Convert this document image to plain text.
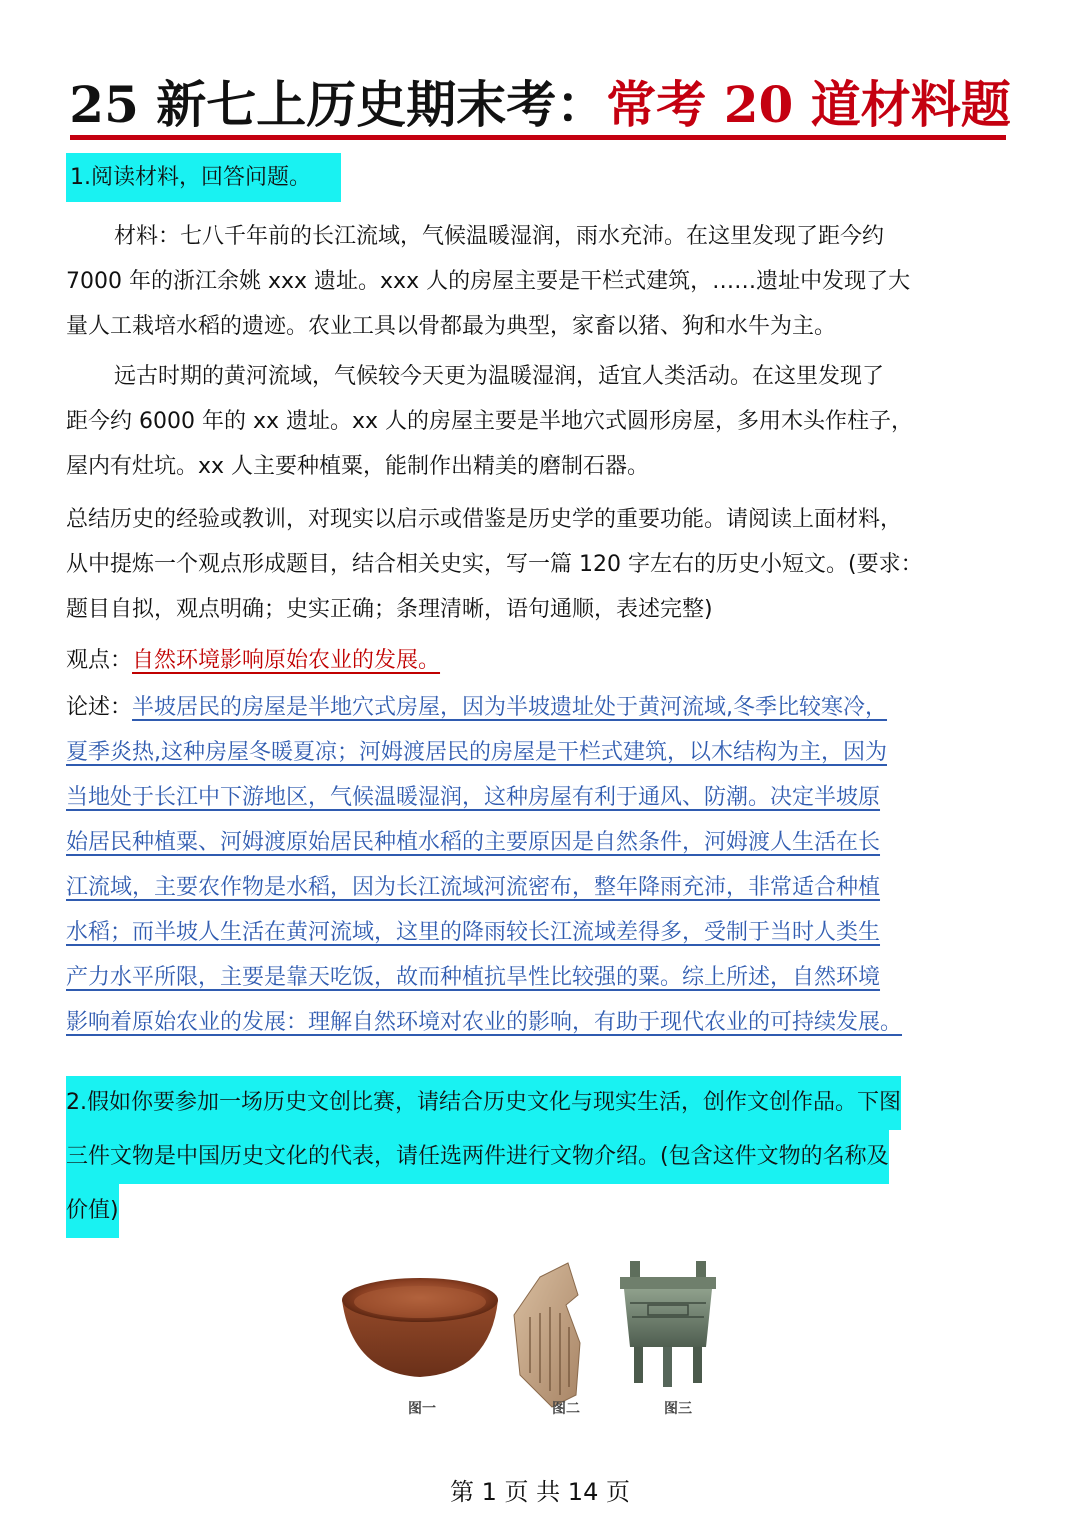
25 新七上历史期末考：常考 20 道材料题
1.阅读材料，回答问题。
材料：七八千年前的长江流域，气候温暖湿润，雨水充沛。在这里发现了距今约
7000 年的浙江余姚 xxx 遗址。xxx 人的房屋主要是干栏式建筑，……遗址中发现了大
量人工栽培水稻的遗迹。农业工具以骨都最为典型，家畜以猪、狗和水牛为主。
远古时期的黄河流域，气候较今天更为温暖湿润，适宜人类活动。在这里发现了
距今约 6000 年的 xx 遗址。xx 人的房屋主要是半地穴式圆形房屋，多用木头作柱子，
屋内有灶坑。xx 人主要种植粟，能制作出精美的磨制石器。
总结历史的经验或教训，对现实以启示或借鉴是历史学的重要功能。请阅读上面材料，
从中提炼一个观点形成题目，结合相关史实，写一篇 120 字左右的历史小短文。(要求：
题目自拟，观点明确；史实正确；条理清晰，语句通顺，表述完整)
观点：自然环境影响原始农业的发展。
论述：半坡居民的房屋是半地穴式房屋，因为半坡遗址处于黄河流域,冬季比较寒冷，
夏季炎热,这种房屋冬暖夏凉；河姆渡居民的房屋是干栏式建筑，以木结构为主，因为
当地处于长江中下游地区，气候温暖湿润，这种房屋有利于通风、防潮。决定半坡原
始居民种植粟、河姆渡原始居民种植水稻的主要原因是自然条件，河姆渡人生活在长
江流域，主要农作物是水稻，因为长江流域河流密布，整年降雨充沛，非常适合种植
水稻；而半坡人生活在黄河流域，这里的降雨较长江流域差得多，受制于当时人类生
产力水平所限，主要是靠天吃饭，故而种植抗旱性比较强的粟。综上所述，自然环境
影响着原始农业的发展：理解自然环境对农业的影响，有助于现代农业的可持续发展。
2.假如你要参加一场历史文创比赛，请结合历史文化与现实生活，创作文创作品。下图
三件文物是中国历史文化的代表，请任选两件进行文物介绍。(包含这件文物的名称及
价值)
图一	图二	图三
第 1 页 共 14 页
